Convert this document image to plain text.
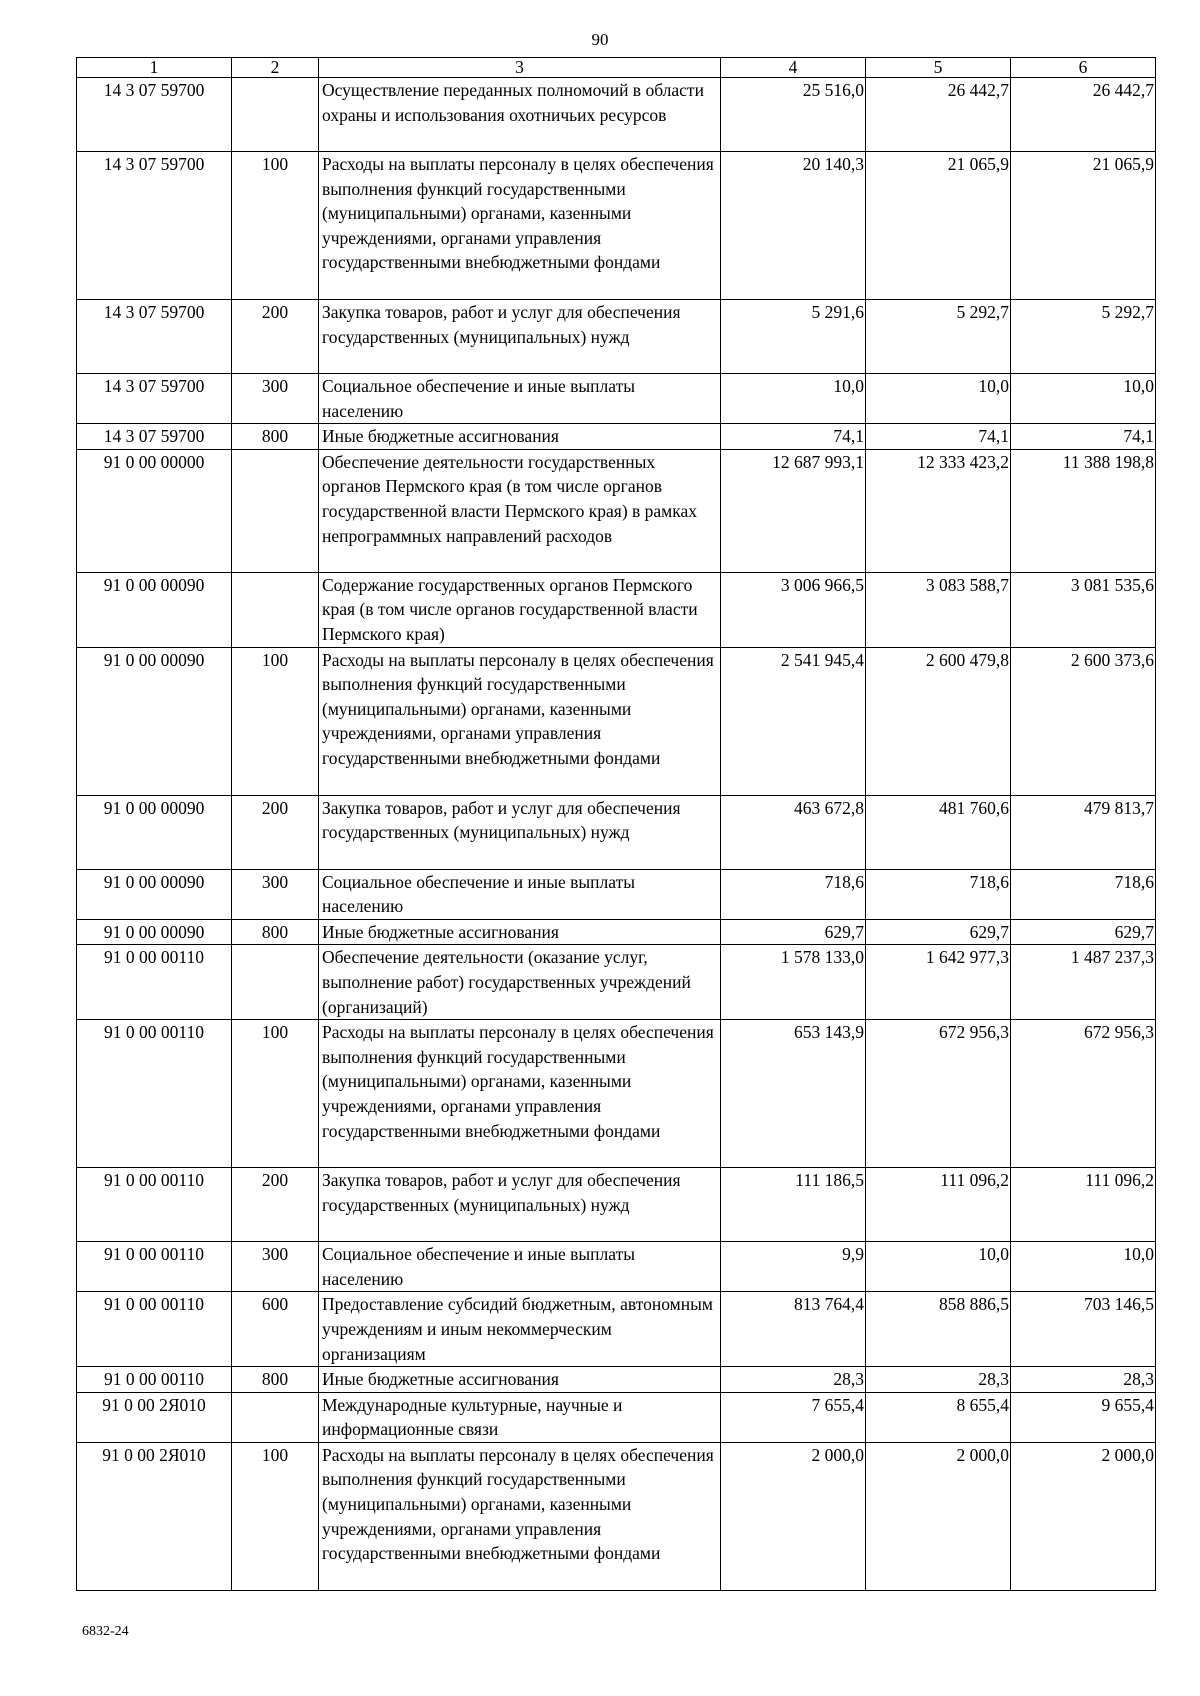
90
1	2	3	4	5	6
14 3 07 59700		Осуществление переданных полномочий в области охраны и использования охотничьих ресурсов	25 516,0	26 442,7	26 442,7
14 3 07 59700	100	Расходы на выплаты персоналу в целях обеспечения выполнения функций государственными (муниципальными) органами, казенными учреждениями, органами управления государственными внебюджетными фондами	20 140,3	21 065,9	21 065,9
14 3 07 59700	200	Закупка товаров, работ и услуг для обеспечения государственных (муниципальных) нужд	5 291,6	5 292,7	5 292,7
14 3 07 59700	300	Социальное обеспечение и иные выплаты населению	10,0	10,0	10,0
14 3 07 59700	800	Иные бюджетные ассигнования	74,1	74,1	74,1
91 0 00 00000		Обеспечение деятельности государственных органов Пермского края (в том числе органов государственной власти Пермского края) в рамках непрограммных направлений расходов	12 687 993,1	12 333 423,2	11 388 198,8
91 0 00 00090		Содержание государственных органов Пермского края (в том числе органов государственной власти Пермского края)	3 006 966,5	3 083 588,7	3 081 535,6
91 0 00 00090	100	Расходы на выплаты персоналу в целях обеспечения выполнения функций государственными (муниципальными) органами, казенными учреждениями, органами управления государственными внебюджетными фондами	2 541 945,4	2 600 479,8	2 600 373,6
91 0 00 00090	200	Закупка товаров, работ и услуг для обеспечения государственных (муниципальных) нужд	463 672,8	481 760,6	479 813,7
91 0 00 00090	300	Социальное обеспечение и иные выплаты населению	718,6	718,6	718,6
91 0 00 00090	800	Иные бюджетные ассигнования	629,7	629,7	629,7
91 0 00 00110		Обеспечение деятельности (оказание услуг, выполнение работ) государственных учреждений (организаций)	1 578 133,0	1 642 977,3	1 487 237,3
91 0 00 00110	100	Расходы на выплаты персоналу в целях обеспечения выполнения функций государственными (муниципальными) органами, казенными учреждениями, органами управления государственными внебюджетными фондами	653 143,9	672 956,3	672 956,3
91 0 00 00110	200	Закупка товаров, работ и услуг для обеспечения государственных (муниципальных) нужд	111 186,5	111 096,2	111 096,2
91 0 00 00110	300	Социальное обеспечение и иные выплаты населению	9,9	10,0	10,0
91 0 00 00110	600	Предоставление субсидий бюджетным, автономным учреждениям и иным некоммерческим организациям	813 764,4	858 886,5	703 146,5
91 0 00 00110	800	Иные бюджетные ассигнования	28,3	28,3	28,3
91 0 00 2Я010		Международные культурные, научные и информационные связи	7 655,4	8 655,4	9 655,4
91 0 00 2Я010	100	Расходы на выплаты персоналу в целях обеспечения выполнения функций государственными (муниципальными) органами, казенными учреждениями, органами управления государственными внебюджетными фондами	2 000,0	2 000,0	2 000,0
6832-24
